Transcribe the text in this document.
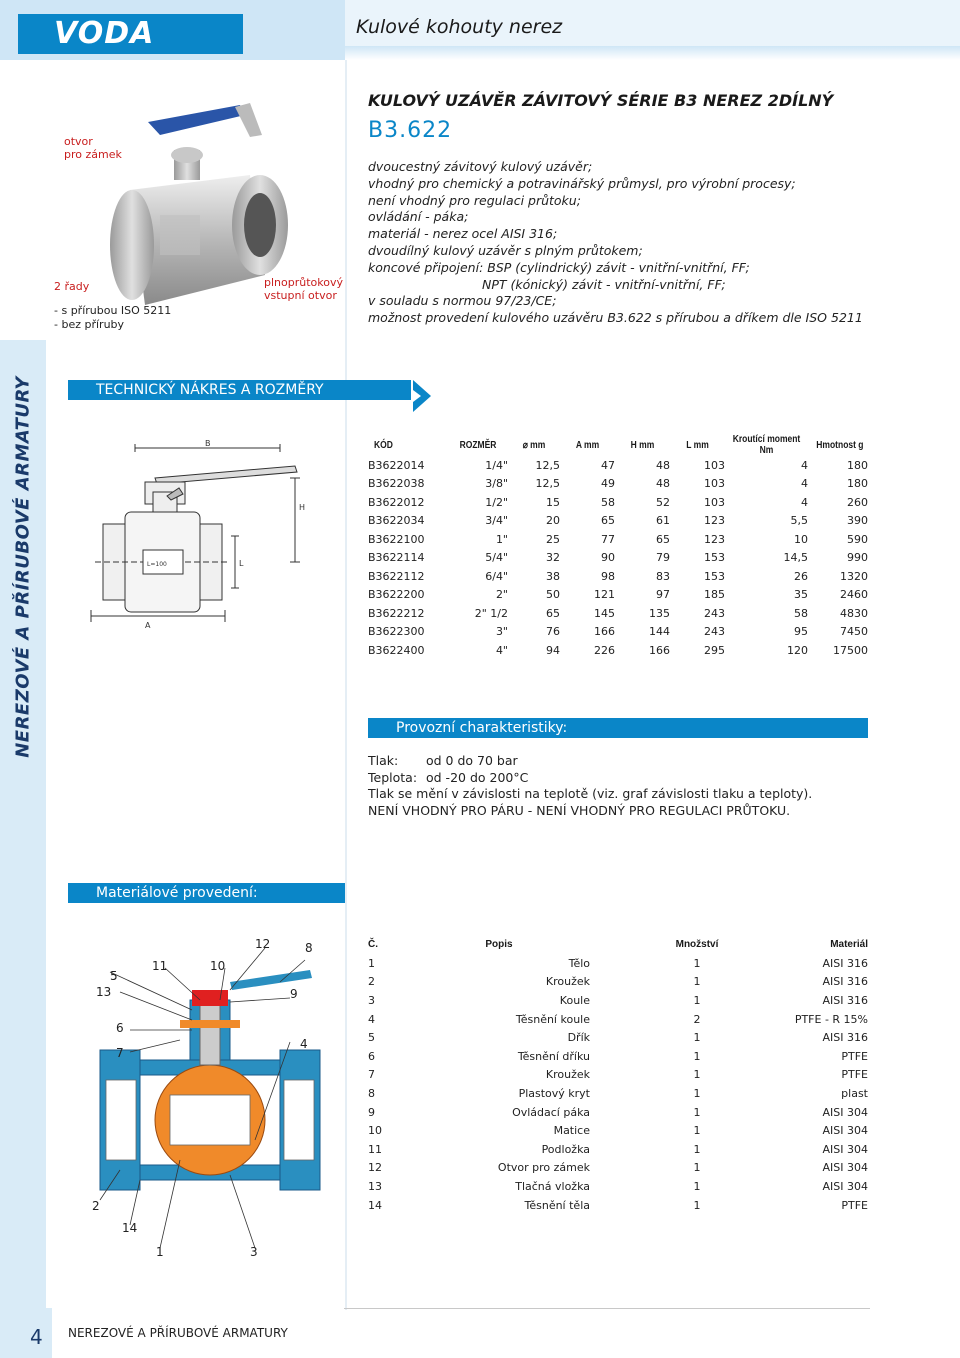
VODA	Kulové kohouty nerez
NEREZOVÉ A PŘÍRUBOVÉ ARMATURY
otvor
pro zámek
2 řady
- s přírubou ISO 5211
- bez příruby
plnoprůtokový
vstupní otvor
KULOVÝ UZÁVĚR ZÁVITOVÝ SÉRIE B3 NEREZ 2DÍLNÝ
B3.622
dvoucestný závitový kulový uzávěr;
vhodný pro chemický a potravinářský průmysl, pro výrobní procesy;
není vhodný pro regulaci průtoku;
ovládání - páka;
materiál - nerez ocel AISI 316;
dvoudílný kulový uzávěr s plným průtokem;
koncové připojení: BSP (cylindrický) závit - vnitřní-vnitřní, FF;
NPT (kónický) závit - vnitřní-vnitřní, FF;
v souladu s normou 97/23/CE;
možnost provedení kulového uzávěru B3.622 s přírubou a dříkem dle ISO 5211
TECHNICKÝ NÁKRES A ROZMĚRY
B
H
A
L
L=100
KÓD	ROZMĚR	⌀ mm	A mm	H mm	L mm	Kroutící moment Nm	Hmotnost g
B3622014	1/4"	12,5	47	48	103	4	180
B3622038	3/8"	12,5	49	48	103	4	180
B3622012	1/2"	15	58	52	103	4	260
B3622034	3/4"	20	65	61	123	5,5	390
B3622100	1"	25	77	65	123	10	590
B3622114	5/4"	32	90	79	153	14,5	990
B3622112	6/4"	38	98	83	153	26	1320
B3622200	2"	50	121	97	185	35	2460
B3622212	2" 1/2	65	145	135	243	58	4830
B3622300	3"	76	166	144	243	95	7450
B3622400	4"	94	226	166	295	120	17500
Provozní charakteristiky:
Tlak: od 0 do 70 bar
Teplota: od -20 do 200°C
Tlak se mění v závislosti na teplotě (viz. graf závislosti tlaku a teploty).
NENÍ VHODNÝ PRO PÁRU - NENÍ VHODNÝ PRO REGULACI PRŮTOKU.
Materiálové provedení:
12	8
5
11	10
13	9
6
4
7
2
14
1	3
Č.	Popis	Množství	Materiál
1	Tělo	1	AISI 316
2	Kroužek	1	AISI 316
3	Koule	1	AISI 316
4	Těsnění koule	2	PTFE - R 15%
5	Dřík	1	AISI 316
6	Těsnění dříku	1	PTFE
7	Kroužek	1	PTFE
8	Plastový kryt	1	plast
9	Ovládací páka	1	AISI 304
10	Matice	1	AISI 304
11	Podložka	1	AISI 304
12	Otvor pro zámek	1	AISI 304
13	Tlačná vložka	1	AISI 304
14	Těsnění těla	1	PTFE
4 NEREZOVÉ A PŘÍRUBOVÉ ARMATURY
